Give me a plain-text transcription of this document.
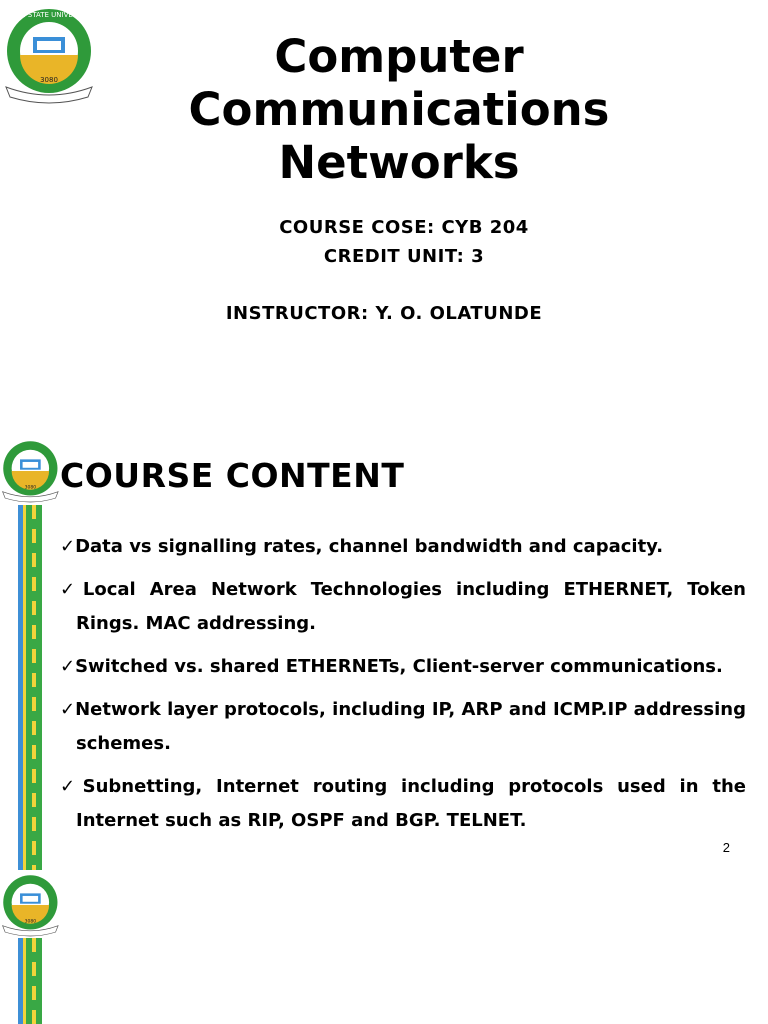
OSUN STATE UNIVERSITY
3080	Computer
Communications
Networks

COURSE COSE: CYB 204

CREDIT UNIT: 3

INSTRUCTOR: Y. O. OLATUNDE

3080 COURSE CONTENT
✓Data vs signalling rates, channel bandwidth and capacity.
✓Local Area Network Technologies including ETHERNET, Token Rings. MAC addressing.
✓Switched vs. shared ETHERNETs, Client-server communications.
✓Network layer protocols, including IP, ARP and ICMP.IP addressing schemes.
✓Subnetting, Internet routing including protocols used in the Internet such as RIP, OSPF and BGP. TELNET.
2
3080
